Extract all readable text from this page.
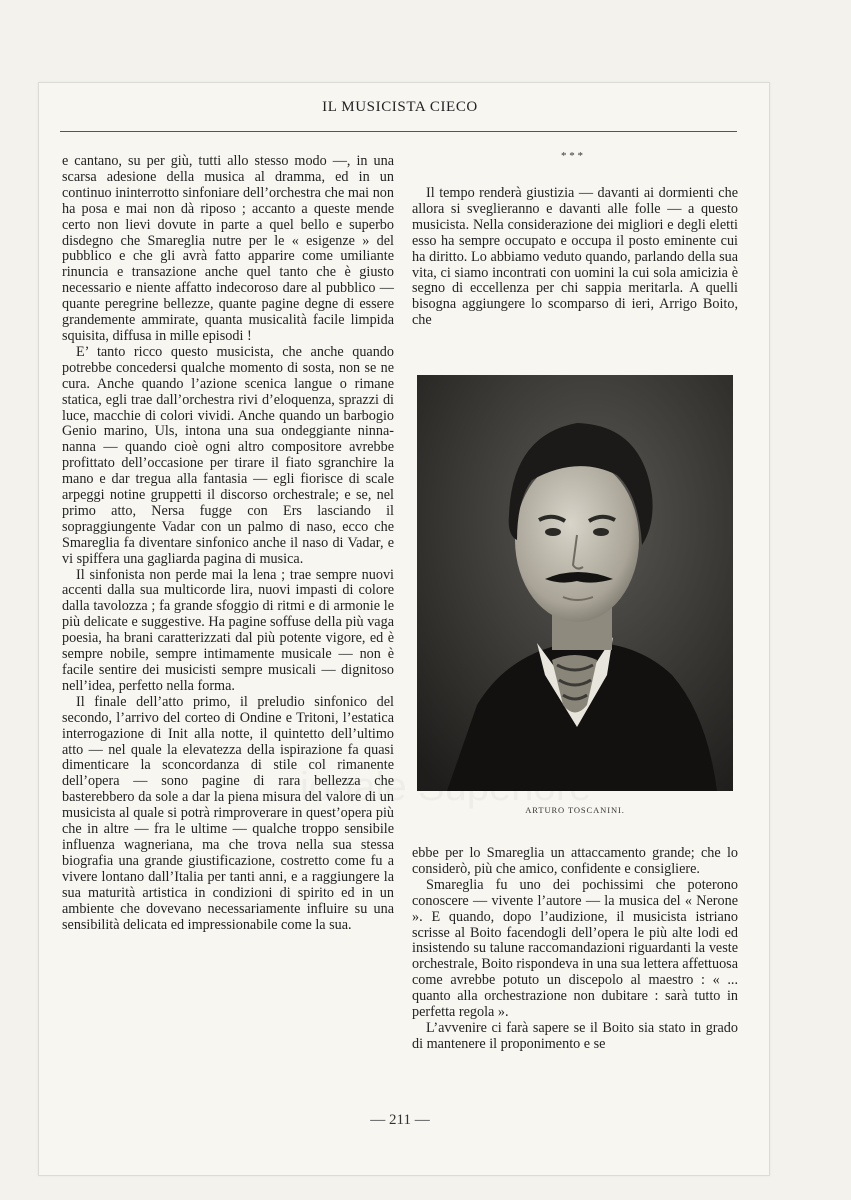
IL MUSICISTA CIECO

e cantano, su per giù, tutti allo stesso modo —, in una scarsa adesione della musica al dramma, ed in un continuo ininterrotto sinfoniare dell’orchestra che mai non ha posa e mai non dà riposo ; accanto a queste mende certo non lievi dovute in parte a quel bello e superbo disdegno che Smareglia nutre per le « esigenze » del pubblico e che gli avrà fatto apparire come umiliante rinuncia e transazione anche quel tanto che è giusto necessario e niente affatto indecoroso dare al pubblico — quante peregrine bellezze, quante pagine degne di essere grandemente ammirate, quanta musicalità facile limpida squisita, diffusa in mille episodi !

E’ tanto ricco questo musicista, che anche quando potrebbe concedersi qualche momento di sosta, non se ne cura. Anche quando l’azione scenica langue o rimane statica, egli trae dall’orchestra rivi d’eloquenza, sprazzi di luce, macchie di colori vividi. Anche quando un barbogio Genio marino, Uls, intona una sua ondeggiante ninna-nanna — quando cioè ogni altro compositore avrebbe profittato dell’occasione per tirare il fiato sgranchire la mano e dar tregua alla fantasia — egli fiorisce di scale arpeggi notine gruppetti il discorso orchestrale; e se, nel primo atto, Nersa fugge con Ers lasciando il sopraggiungente Vadar con un palmo di naso, ecco che Smareglia fa diventare sinfonico anche il naso di Vadar, e vi spiffera una gagliarda pagina di musica.

Il sinfonista non perde mai la lena ; trae sempre nuovi accenti dalla sua multicorde lira, nuovi impasti di colore dalla tavolozza ; fa grande sfoggio di ritmi e di armonie le più delicate e suggestive. Ha pagine soffuse della più vaga poesia, ha brani caratterizzati dal più potente vigore, ed è sempre nobile, sempre intimamente musicale — non è facile sentire dei musicisti sempre musicali — dignitoso nell’idea, perfetto nella forma.

Il finale dell’atto primo, il preludio sinfonico del secondo, l’arrivo del corteo di Ondine e Tritoni, l’estatica interrogazione di Init alla notte, il quintetto dell’ultimo atto — nel quale la elevatezza della ispirazione fa quasi dimenticare la sconcordanza di stile col rimanente dell’opera — sono pagine di rara bellezza che basterebbero da sole a dar la piena misura del valore di un musicista al quale si potrà rimproverare in quest’opera più che in altre — fra le ultime — qualche troppo sensibile influenza wagneriana, ma che trova nella sua stessa biografia una grande giustificazione, costretto come fu a vivere lontano dall’Italia per tanti anni, e a raggiungere la sua maturità artistica in condizioni di spirito ed in un ambiente che dovevano necessariamente influire su una sensibilità delicata ed impressionabile come la sua.

* * *

Il tempo renderà giustizia — davanti ai dormienti che allora si sveglieranno e davanti alle folle — a questo musicista. Nella considerazione dei migliori e degli eletti esso ha sempre occupato e occupa il posto eminente cui ha diritto. Lo abbiamo veduto quando, parlando della sua vita, ci siamo incontrati con uomini la cui sola amicizia è segno di eccellenza per chi sappia meritarla. A quelli bisogna aggiungere lo scomparso di ieri, Arrigo Boito, che

ARTURO TOSCANINI.

ebbe per lo Smareglia un attaccamento grande; che lo considerò, più che amico, confidente e consigliere.

Smareglia fu uno dei pochissimi che poterono conoscere — vivente l’autore — la musica del « Nerone ». E quando, dopo l’audizione, il musicista istriano scrisse al Boito facendogli dell’opera le più alte lodi ed insistendo su talune raccomandazioni riguardanti la veste orchestrale, Boito rispondeva in una sua lettera affettuosa come avrebbe potuto un discepolo al maestro : « ... quanto alla orchestrazione non dubitare : sarà tutto in perfetta regola ».

L’avvenire ci farà sapere se il Boito sia stato in grado di mantenere il proponimento e se

— 211 —
